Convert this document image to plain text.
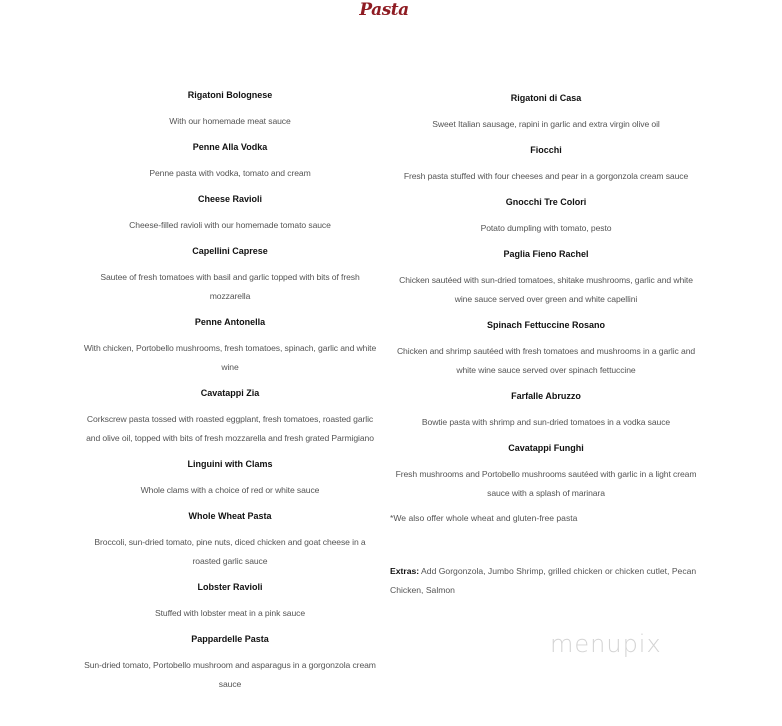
Pasta
Rigatoni Bolognese
With our homemade meat sauce
Penne Alla Vodka
Penne pasta with vodka, tomato and cream
Cheese Ravioli
Cheese-filled ravioli with our homemade tomato sauce
Capellini Caprese
Sautee of fresh tomatoes with basil and garlic topped with bits of fresh mozzarella
Penne Antonella
With chicken, Portobello mushrooms, fresh tomatoes, spinach, garlic and white wine
Cavatappi Zia
Corkscrew pasta tossed with roasted eggplant, fresh tomatoes, roasted garlic and olive oil, topped with bits of fresh mozzarella and fresh grated Parmigiano
Linguini with Clams
Whole clams with a choice of red or white sauce
Whole Wheat Pasta
Broccoli, sun-dried tomato, pine nuts, diced chicken and goat cheese in a roasted garlic sauce
Lobster Ravioli
Stuffed with lobster meat in a pink sauce
Pappardelle Pasta
Sun-dried tomato, Portobello mushroom and asparagus in a gorgonzola cream sauce
Rigatoni di Casa
Sweet Italian sausage, rapini in garlic and extra virgin olive oil
Fiocchi
Fresh pasta stuffed with four cheeses and pear in a gorgonzola cream sauce
Gnocchi Tre Colori
Potato dumpling with tomato, pesto
Paglia Fieno Rachel
Chicken sautéed with sun-dried tomatoes, shitake mushrooms, garlic and white wine sauce served over green and white capellini
Spinach Fettuccine Rosano
Chicken and shrimp sautéed with fresh tomatoes and mushrooms in a garlic and white wine sauce served over spinach fettuccine
Farfalle Abruzzo
Bowtie pasta with shrimp and sun-dried tomatoes in a vodka sauce
Cavatappi Funghi
Fresh mushrooms and Portobello mushrooms sautéed with garlic in a light cream sauce with a splash of marinara
*We also offer whole wheat and gluten-free pasta
Extras: Add Gorgonzola, Jumbo Shrimp, grilled chicken or chicken cutlet, Pecan Chicken, Salmon
menupix
